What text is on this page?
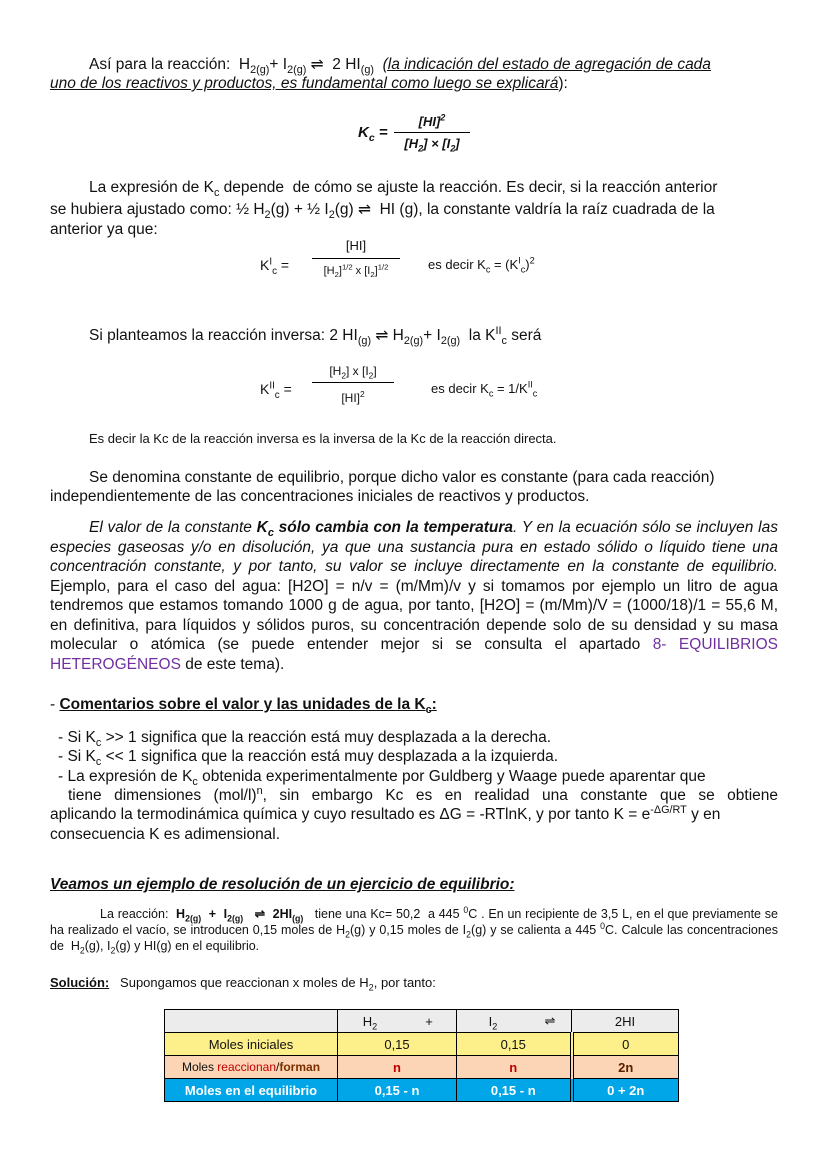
Así para la reacción:  $H_{2(g)}+ I_{2(g)}$ ⇌  2 $HI_{(g)}$ (la indicación del estado de agregación de cada
uno de los reactivos y productos, es fundamental como luego se explicará):
$K_c$ =
[HI]$^2$
$[H_2] \times [I_2]$
La expresión de $K_c$ depende  de cómo se ajuste la reacción. Es decir, si la reacción anterior
se hubiera ajustado como: ½ $H_2(g)$ + ½ $I_2(g)$ ⇌  HI (g), la constante valdría la raíz cuadrada de la
anterior ya que:
$K^I_c$ =
[HI]
$[H_2]^{1/2}$ x $[I_2]^{1/2}$	es decir $K_c = (K^I_c)^2$
Si planteamos la reacción inversa: 2 $HI_{(g)}$ ⇌ $H_{2(g)}+ I_{2(g)}$  la $K^{II}_c$ será
$K^{II}_c$ =
$[H_2]$ x $[I_2]$
[HI]$^2$	es decir $K_c = 1/K^{II}_c$
Es decir la Kc de la reacción inversa es la inversa de la Kc de la reacción directa.
Se denomina constante de equilibrio, porque dicho valor es constante (para cada reacción)
independientemente de las concentraciones iniciales de reactivos y productos.
El valor de la constante $K_c$ sólo cambia con la temperatura. Y en la ecuación sólo se incluyen las especies gaseosas y/o en disolución, ya que una sustancia pura en estado sólido o líquido tiene una concentración constante, y por tanto, su valor se incluye directamente en la constante de equilibrio. Ejemplo, para el caso del agua: [H2O] = n/v = (m/Mm)/v y si tomamos por ejemplo un litro de agua tendremos que estamos tomando 1000 g de agua, por tanto, [H2O] = (m/Mm)/V = (1000/18)/1 = 55,6 M, en definitiva, para líquidos y sólidos puros, su concentración depende solo de su densidad y su masa molecular o atómica (se puede entender mejor si se consulta el apartado 8- EQUILIBRIOS HETEROGÉNEOS de este tema).
- Comentarios sobre el valor y las unidades de la $K_c$:
- Si $K_c >> 1$ significa que la reacción está muy desplazada a la derecha.
- Si $K_c << 1$ significa que la reacción está muy desplazada a la izquierda.
- La expresión de $K_c$ obtenida experimentalmente por Guldberg y Waage puede aparentar que
tiene dimensiones $(mol/l)^n$, sin embargo Kc es en realidad una constante que se obtiene
aplicando la termodinámica química y cuyo resultado es ΔG = -RTlnK, y por tanto $K = e^{-\Delta G/RT}$ y en
consecuencia K es adimensional.
Veamos un ejemplo de resolución de un ejercicio de equilibrio:
La reacción:  $H_{2(g)} + I_{2(g)}$   ⇌  $2HI_{(g)}$   tiene una Kc= 50,2  a 445 $^0$C . En un recipiente de 3,5 L, en el que previamente se ha realizado el vacío, se introducen 0,15 moles de $H_2(g)$ y 0,15 moles de $I_2(g)$ y se calienta a 445 $^0$C. Calcule las concentraciones de  $H_2(g)$, $I_2(g)$ y HI(g) en el equilibrio.
Solución:   Supongamos que reaccionan x moles de $H_2$, por tanto:
	$H_2$	+	$I_2$	⇌	2HI
Moles iniciales	0,15		0,15		0
Moles reaccionan/forman	n		n		2n
Moles en el equilibrio	0,15 - n		0,15 - n		0 + 2n
